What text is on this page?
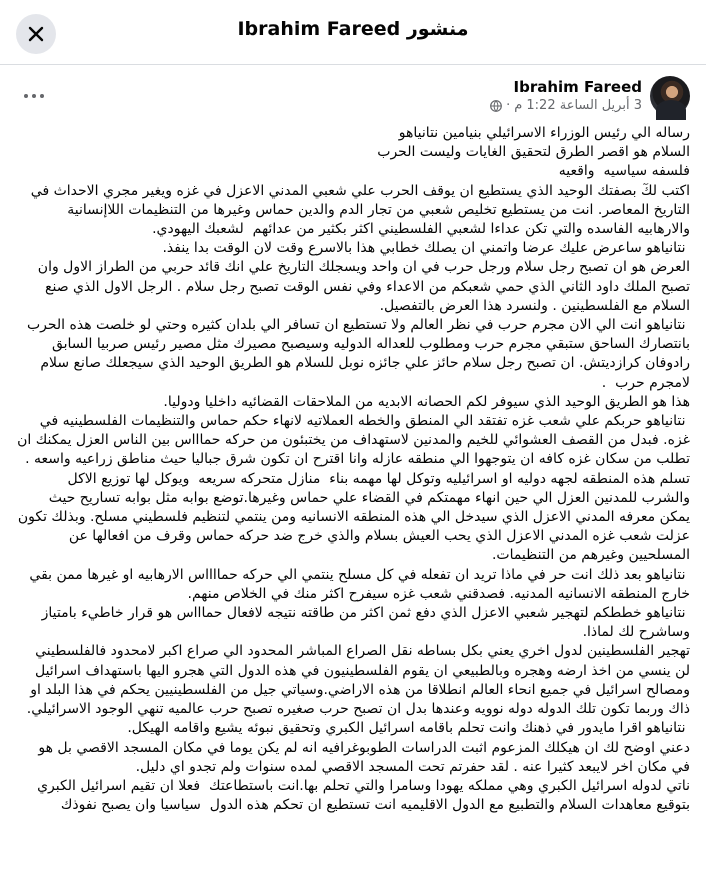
منشور Ibrahim Fareed
Ibrahim Fareed
3 أبريل الساعة 1:22 م
·

رساله الي رئيس الوزراء الاسرائيلي بنيامين نتانياهو

السلام هو اقصر الطرق لتحقيق الغايات وليست الحرب

فلسفه سياسيه  واقعيه

اكتب لكٓ بصفتك الوحيد الذي يستطيع ان يوقف الحرب علي شعبي المدني الاعزل في غزه ويغير مجري الاحداث في التاريخ المعاصر. انت من يستطيع تخليص شعبي من تجار الدم والدين حماس وغيرها من التنظيمات اللاإنسانية والارهابيه الفاسده والتي تكن عداءا لشعبي الفلسطيني اكثر بكثير من عدائهم  لشعبك اليهودي.

نتانياهو ساعرض عليك عرضا واتمني ان يصلك خطابي هذا بالاسرع وقت لان الوقت بدا ينفذ.

العرض هو ان تصبح رجل سلام ورجل حرب في ان واحد ويسجلك التاريخ علي انك قائد حربي من الطراز الاول وان تصبح الملك داود الثاني الذي حمي شعبكم من الاعداء وفي نفس الوقت تصبح رجل سلام . الرجل الاول الذي صنع السلام مع الفلسطينين . ولنسرد هذا العرض بالتفصيل.

نتانياهو انت الي الان مجرم حرب في نظر العالم ولا تستطيع ان تسافر الي بلدان كثيره وحتي لو خلصت هذه الحرب بانتصارك الساحق ستبقي مجرم حرب ومطلوب للعداله الدوليه وسيصبح مصيرك مثل مصير رئيس صربيا السابق رادوفان كرازديتش. ان تصبح رجل سلام حائز علي جائزه نوبل للسلام هو الطريق الوحيد الذي سيجعلك صانع سلام لامجرم حرب  .

هذا هو الطريق الوحيد الذي سيوفر لكم الحصانه الابديه من الملاحقات القضائيه داخليا ودوليا.

نتانياهو حربكم علي شعب غزه تفتقد الي المنطق والخطه العملاتيه لانهاء حكم حماس والتنظيمات الفلسطينيه في غزه. فبدل من القصف العشوائي للخيم والمدنين لاستهداف من يختبئون من حركه حماااس بين الناس العزل يمكنك ان تطلب من سكان غزه كافه ان يتوجهوا الي منطقه عازله وانا اقترح ان تكون شرق جباليا حيث مناطق زراعيه واسعه . تسلم هذه المنطقه لجهه دوليه او اسرائيليه وتوكل لها مهمه بناء  منازل متحركه سريعه  ويوكل لها توزيع الاكل والشرب للمدنين العزل الي حين انهاء مهمتكم في القضاء علي حماس وغيرها.توضع بوابه مثل بوابه تساريح حيث يمكن معرفه المدني الاعزل الذي سيدخل الي هذه المنطقه الانسانيه ومن ينتمي لتنظيم فلسطيني مسلح. وبذلك تكون عزلت شعب غزه المدني الاعزل الذي يحب العيش بسلام والذي خرج ضد حركه حماس وقرف من افعالها عن المسلحيين وغيرهم من التنظيمات.

نتانياهو بعد ذلك انت حر في ماذا تريد ان تفعله في كل مسلح ينتمي الي حركه حمااااس الارهابيه او غيرها ممن بقي خارج المنطقه الانسانيه المدنيه. فصدقني شعب غزه سيفرح اكثر منك في الخلاص منهم.

نتانياهو خططكم لتهجير شعبي الاعزل الذي دفع ثمن اكثر من طاقته نتيجه لافعال حماااس هو قرار خاطيء بامتياز وساشرح لك لماذا.

تهجير الفلسطينين لدول اخري يعني بكل بساطه نقل الصراع المباشر المحدود الي صراع اكبر لامحدود فالفلسطيني لن ينسي من اخذ ارضه وهجره وبالطبيعي ان يقوم الفلسطينيون في هذه الدول التي هجرو اليها باستهداف اسرائيل ومصالح اسرائيل في جميع انحاء العالم انطلاقا من هذه الاراضي.وسياتي جيل من الفلسطينيين يحكم في هذا البلد او ذاك وربما تكون تلك الدوله دوله نوويه وعندها بدل ان تصبح حرب صغيره تصبح حرب عالميه تنهي الوجود الاسرائيلي.

نتانياهو اقرا مايدور في ذهنك وانت تحلم باقامه اسرائيل الكبري وتحقيق نبوئه يشيع واقامه الهيكل.

دعني اوضح لك ان هيكلك المزعوم اثبت الدراسات الطوبوغرافيه انه لم يكن يوما في مكان المسجد الاقصي بل هو في مكان اخر لايبعد كثيرا عنه . لقد حفرتم تحت المسجد الاقصي لمده سنوات ولم تجدو اي دليل.

ناتي لدوله اسرائيل الكبري وهي مملكه يهودا وسامرا والتي تحلم بها.انت باستطاعتك  فعلا ان تقيم اسرائيل الكبري بتوقيع معاهدات السلام والتطبيع مع الدول الاقليميه انت تستطيع ان تحكم هذه الدول  سياسيا وان يصبح نفوذك
